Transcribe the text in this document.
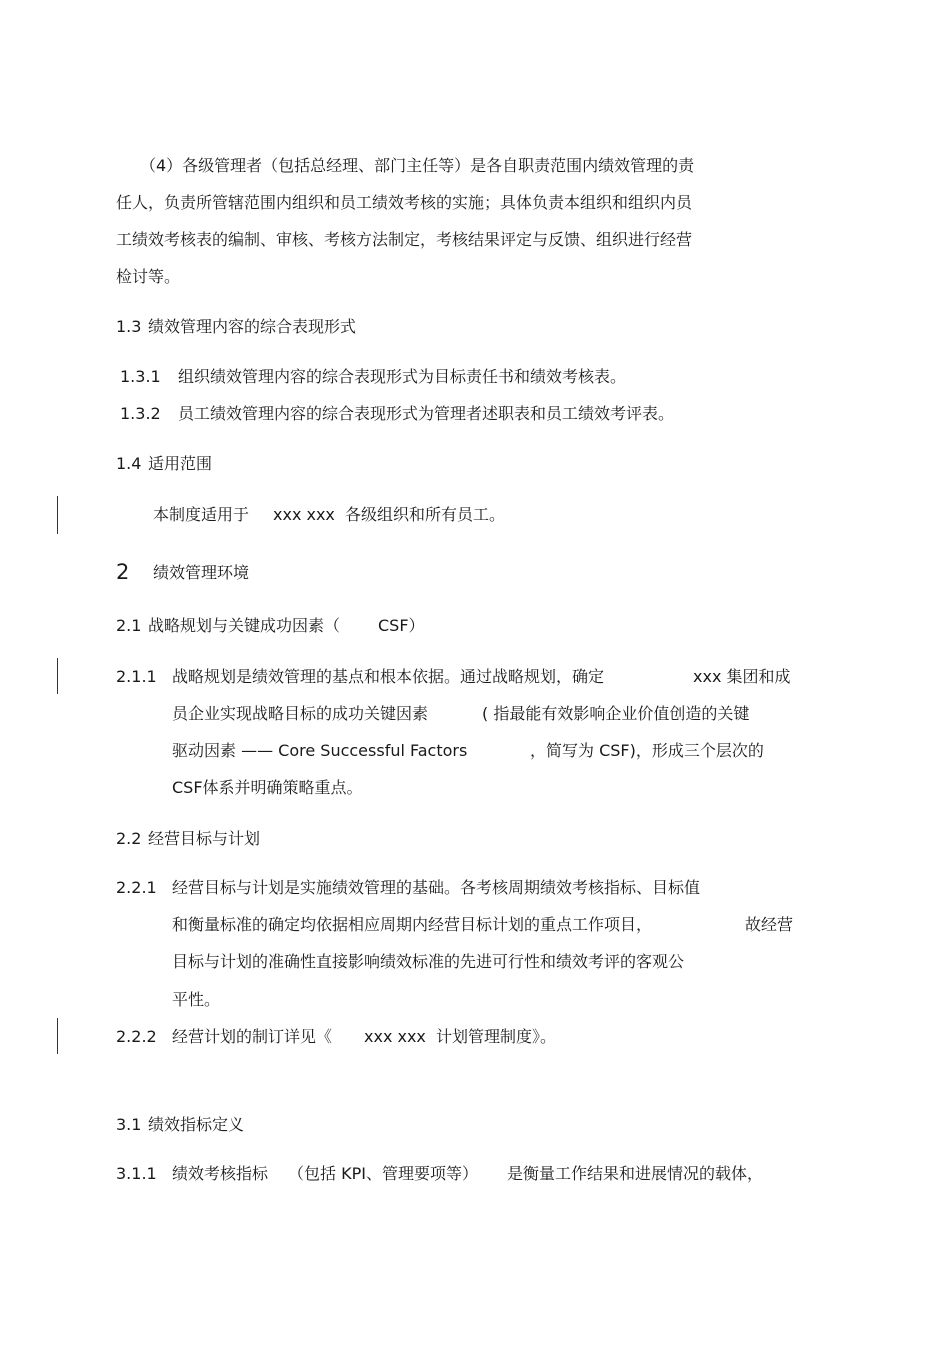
（4）各级管理者（包括总经理、部门主任等）是各自职责范围内绩效管理的责
任人，负责所管辖范围内组织和员工绩效考核的实施；具体负责本组织和组织内员
工绩效考核表的编制、审核、考核方法制定，考核结果评定与反馈、组织进行经营
检讨等。
1.3 绩效管理内容的综合表现形式
1.3.1 组织绩效管理内容的综合表现形式为目标责任书和绩效考核表。
1.3.2 员工绩效管理内容的综合表现形式为管理者述职表和员工绩效考评表。
1.4 适用范围
本制度适用于 xxx xxx 各级组织和所有员工。
2 绩效管理环境
2.1 战略规划与关键成功因素（ CSF）
2.1.1 战略规划是绩效管理的基点和根本依据。通过战略规划，确定	xxx 集团和成
员企业实现战略目标的成功关键因素	( 指最能有效影响企业价值创造的关键
驱动因素 —— Core Successful Factors	，简写为 CSF)，形成三个层次的
CSF体系并明确策略重点。
2.2 经营目标与计划
2.2.1 经营目标与计划是实施绩效管理的基础。各考核周期绩效考核指标、目标值
和衡量标准的确定均依据相应周期内经营目标计划的重点工作项目，	故经营
目标与计划的准确性直接影响绩效标准的先进可行性和绩效考评的客观公
平性。
2.2.2 经营计划的制订详见《 xxx xxx 计划管理制度》。
3.1 绩效指标定义
3.1.1 绩效考核指标 （包括 KPI、管理要项等） 是衡量工作结果和进展情况的载体，
